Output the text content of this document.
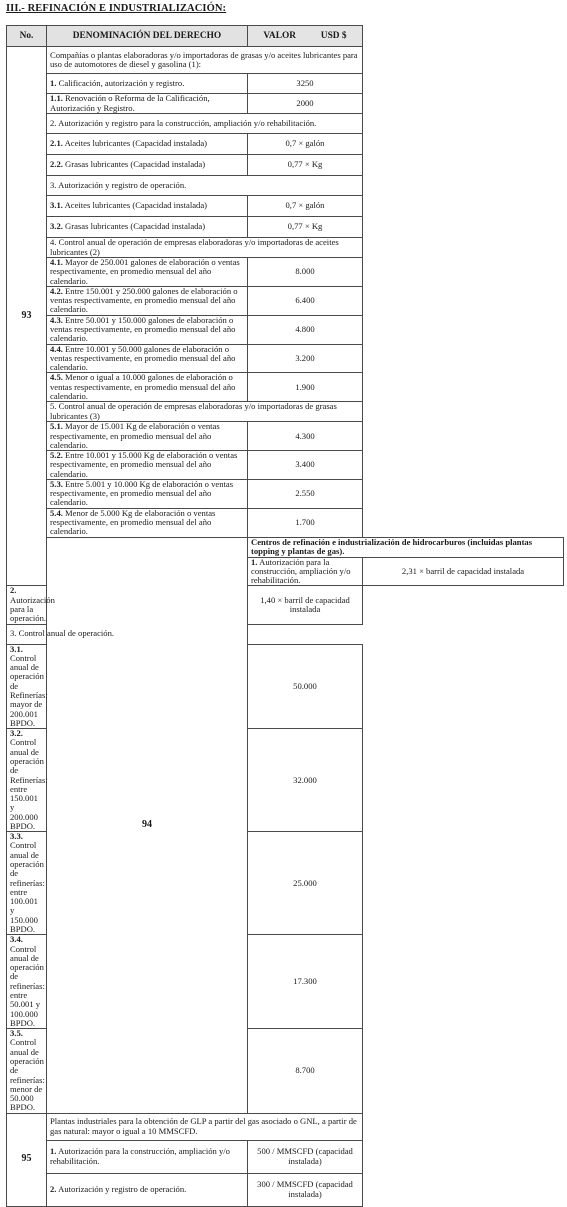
III.- REFINACIÓN E INDUSTRIALIZACIÓN:
No.	DENOMINACIÓN DEL DERECHO	VALOR USD $	

93	Compañías o plantas elaboradoras y/o importadoras de grasas y/o aceites lubricantes para uso de automotores de diesel y gasolina (1):		
	1. Calificación, autorización y registro.	3250	
	1.1. Renovación o Reforma de la Calificación, Autorización y Registro.	2000	
	2. Autorización y registro para la construcción, ampliación y/o rehabilitación.		
	2.1. Aceites lubricantes (Capacidad instalada)	0,7 × galón	
	2.2. Grasas lubricantes (Capacidad instalada)	0,77 × Kg	
	3. Autorización y registro de operación.		
	3.1. Aceites lubricantes (Capacidad instalada)	0,7 × galón	
	3.2. Grasas lubricantes (Capacidad instalada)	0,77 × Kg	
	4. Control anual de operación de empresas elaboradoras y/o importadoras de aceites lubricantes (2)		
	4.1. Mayor de 250.001 galones de elaboración o ventas respectivamente, en promedio mensual del año calendario.	8.000	
	4.2. Entre 150.001 y 250.000 galones de elaboración o ventas respectivamente, en promedio mensual del año calendario.	6.400	
	4.3. Entre 50.001 y 150.000 galones de elaboración o ventas respectivamente, en promedio mensual del año calendario.	4.800	
	4.4. Entre 10.001 y 50.000 galones de elaboración o ventas respectivamente, en promedio mensual del año calendario.	3.200	
	4.5. Menor o igual a 10.000 galones de elaboración o ventas respectivamente, en promedio mensual del año calendario.	1.900	
	5. Control anual de operación de empresas elaboradoras y/o importadoras de grasas lubricantes (3)		
	5.1. Mayor de 15.001 Kg de elaboración o ventas respectivamente, en promedio mensual del año calendario.	4.300	
	5.2. Entre 10.001 y 15.000 Kg de elaboración o ventas respectivamente, en promedio mensual del año calendario.	3.400	
	5.3. Entre 5.001 y 10.000 Kg de elaboración o ventas respectivamente, en promedio mensual del año calendario.	2.550	
	5.4. Menor de 5.000 Kg de elaboración o ventas respectivamente, en promedio mensual del año calendario.	1.700	
	94	Centros de refinación e industrialización de hidrocarburos (incluidas plantas topping y plantas de gas).	
		1. Autorización para la construcción, ampliación y/o rehabilitación.	2,31 × barril de capacidad instalada
2. Autorización para la operación.		1,40 × barril de capacidad instalada	
3. Control anual de operación.			
3.1. Control anual de operación de Refinerías: mayor de 200.001 BPDO.		50.000	
3.2. Control anual de operación de Refinerías: entre 150.001 y 200.000 BPDO.		32.000	
3.3. Control anual de operación de refinerías: entre 100.001 y 150.000 BPDO.		25.000	
3.4. Control anual de operación de refinerías: entre 50.001 y 100.000 BPDO.		17.300	
3.5. Control anual de operación de refinerías: menor de 50.000 BPDO.		8.700	
95	Plantas industriales para la obtención de GLP a partir del gas asociado o GNL, a partir de gas natural: mayor o igual a 10 MMSCFD.		
	1. Autorización para la construcción, ampliación y/o rehabilitación.	500 / MMSCFD (capacidad instalada)	
	2. Autorización y registro de operación.	300 / MMSCFD (capacidad instalada)	
